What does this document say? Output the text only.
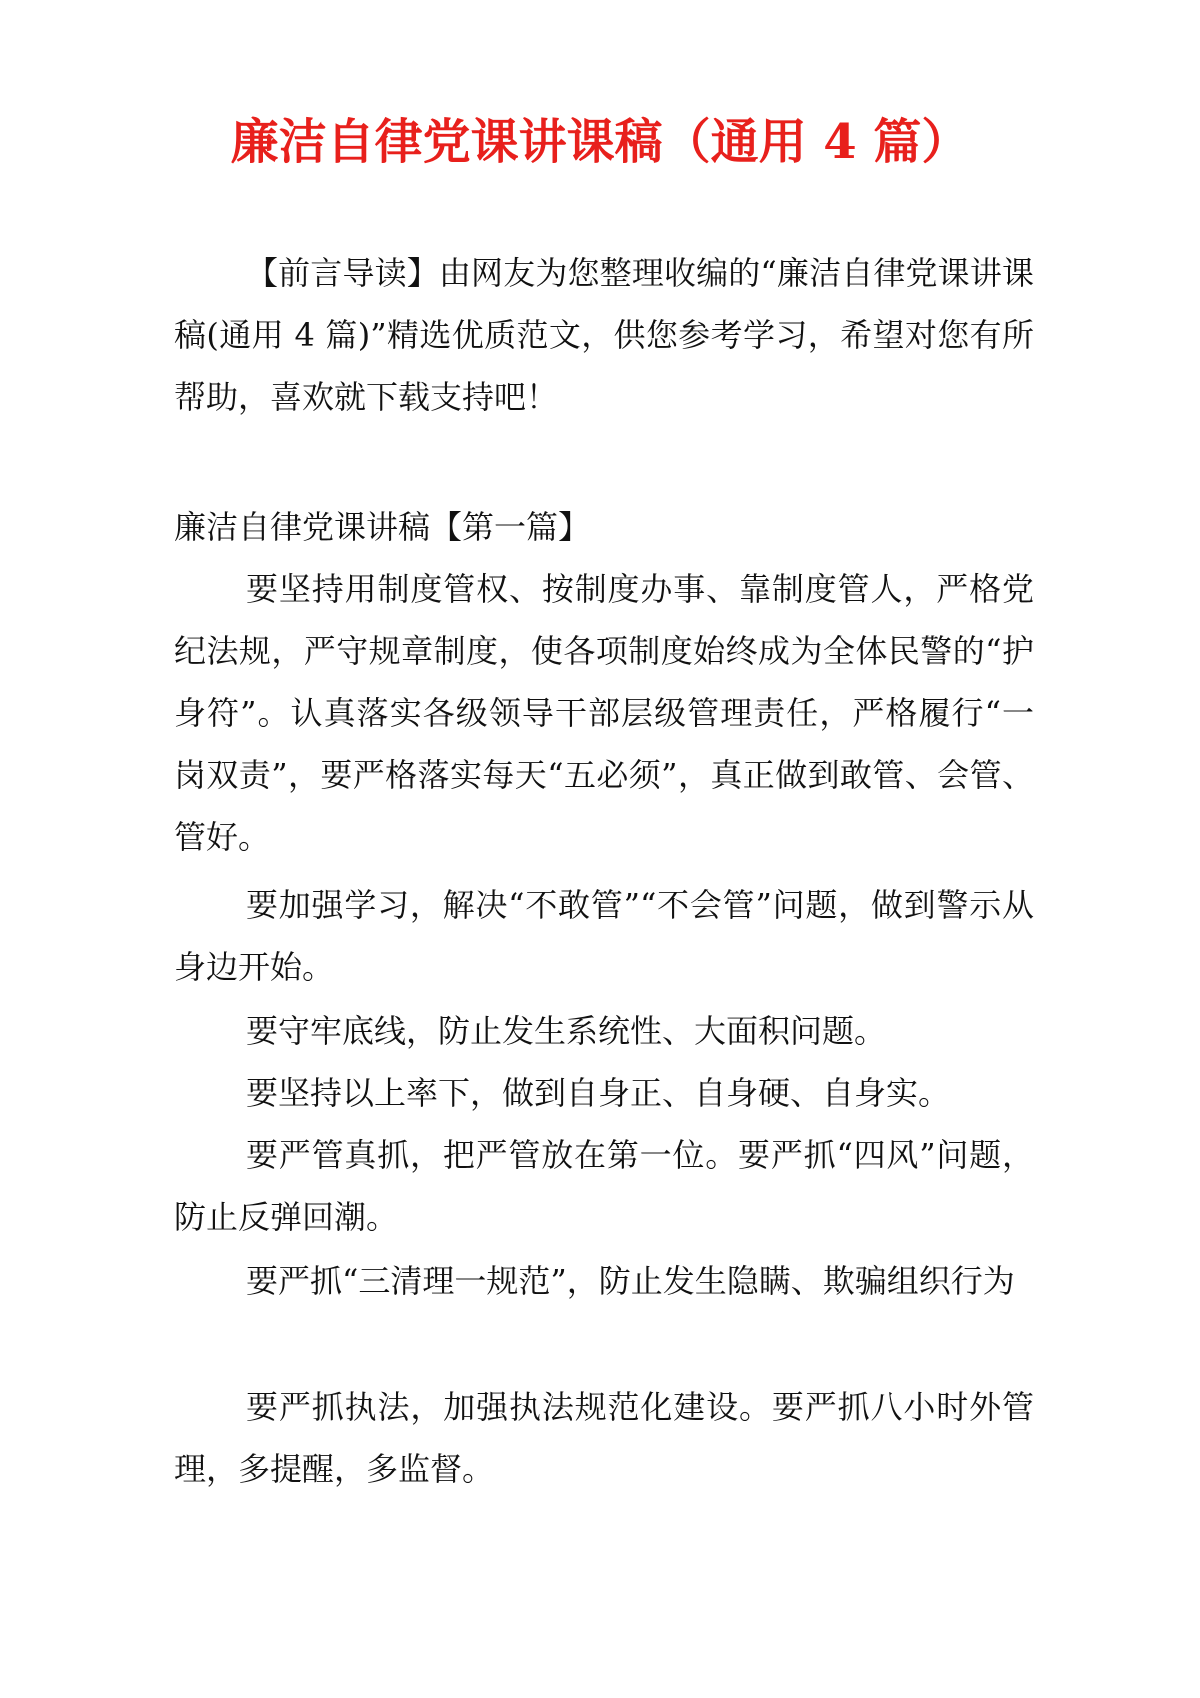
廉洁自律党课讲课稿（通用 4 篇）

【前言导读】由网友为您整理收编的“廉洁自律党课讲课稿(通用 4 篇)”精选优质范文，供您参考学习，希望对您有所帮助，喜欢就下载支持吧！

廉洁自律党课讲稿【第一篇】

要坚持用制度管权、按制度办事、靠制度管人，严格党纪法规，严守规章制度，使各项制度始终成为全体民警的“护身符”。认真落实各级领导干部层级管理责任，严格履行“一岗双责”，要严格落实每天“五必须”，真正做到敢管、会管、管好。

要加强学习，解决“不敢管”“不会管”问题，做到警示从身边开始。

要守牢底线，防止发生系统性、大面积问题。

要坚持以上率下，做到自身正、自身硬、自身实。

要严管真抓，把严管放在第一位。要严抓“四风”问题，防止反弹回潮。

要严抓“三清理一规范”，防止发生隐瞒、欺骗组织行为

要严抓执法，加强执法规范化建设。要严抓八小时外管理，多提醒，多监督。
